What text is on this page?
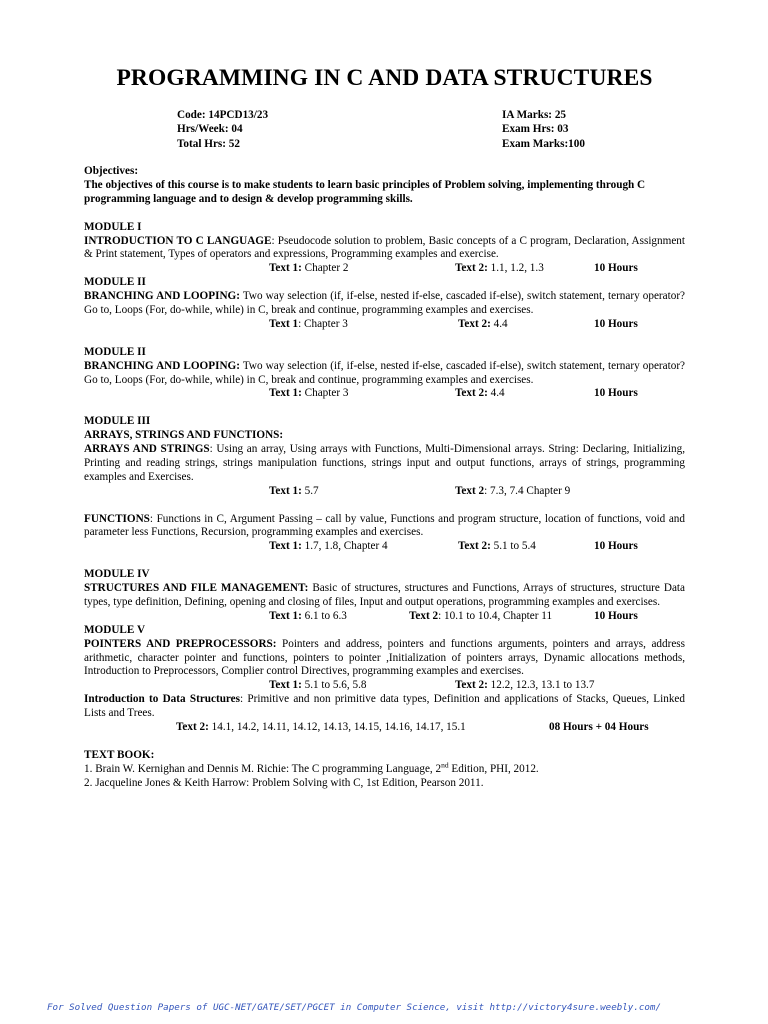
PROGRAMMING IN C AND DATA STRUCTURES
Code: 14PCD13/23
Hrs/Week: 04
Total Hrs: 52
IA Marks: 25
Exam Hrs: 03
Exam Marks:100
Objectives:
The objectives of this course is to make students to learn basic principles of Problem solving, implementing through C programming language and to design & develop programming skills.
MODULE I
INTRODUCTION TO C LANGUAGE: Pseudocode solution to problem, Basic concepts of a C program, Declaration, Assignment & Print statement, Types of operators and expressions, Programming examples and exercise.
Text 1: Chapter 2	Text 2: 1.1, 1.2, 1.3	10 Hours
MODULE II
BRANCHING AND LOOPING: Two way selection (if, if-else, nested if-else, cascaded if-else), switch statement, ternary operator? Go to, Loops (For, do-while, while) in C, break and continue, programming examples and exercises.
Text 1: Chapter 3	Text 2: 4.4	10 Hours
MODULE II
BRANCHING AND LOOPING: Two way selection (if, if-else, nested if-else, cascaded if-else), switch statement, ternary operator? Go to, Loops (For, do-while, while) in C, break and continue, programming examples and exercises.
Text 1: Chapter 3	Text 2: 4.4	10 Hours
MODULE III
ARRAYS, STRINGS AND FUNCTIONS:
ARRAYS AND STRINGS: Using an array, Using arrays with Functions, Multi-Dimensional arrays. String: Declaring, Initializing, Printing and reading strings, strings manipulation functions, strings input and output functions, arrays of strings, programming examples and Exercises.
Text 1: 5.7	Text 2: 7.3, 7.4 Chapter 9
FUNCTIONS: Functions in C, Argument Passing – call by value, Functions and program structure, location of functions, void and parameter less Functions, Recursion, programming examples and exercises.
Text 1: 1.7, 1.8, Chapter 4	Text 2: 5.1 to 5.4	10 Hours
MODULE IV
STRUCTURES AND FILE MANAGEMENT: Basic of structures, structures and Functions, Arrays of structures, structure Data types, type definition, Defining, opening and closing of files, Input and output operations, programming examples and exercises.
Text 1: 6.1 to 6.3	Text 2: 10.1 to 10.4, Chapter 11	10 Hours
MODULE V
POINTERS AND PREPROCESSORS: Pointers and address, pointers and functions arguments, pointers and arrays, address arithmetic, character pointer and functions, pointers to pointer ,Initialization of pointers arrays, Dynamic allocations methods, Introduction to Preprocessors, Complier control Directives, programming examples and exercises.
Text 1: 5.1 to 5.6, 5.8	Text 2: 12.2, 12.3, 13.1 to 13.7
Introduction to Data Structures: Primitive and non primitive data types, Definition and applications of Stacks, Queues, Linked Lists and Trees.
Text 2: 14.1, 14.2, 14.11, 14.12, 14.13, 14.15, 14.16, 14.17, 15.1	08 Hours + 04 Hours
TEXT BOOK:
1. Brain W. Kernighan and Dennis M. Richie: The C programming Language, 2nd Edition, PHI, 2012.
2. Jacqueline Jones & Keith Harrow: Problem Solving with C, 1st Edition, Pearson 2011.
For Solved Question Papers of UGC-NET/GATE/SET/PGCET in Computer Science, visit http://victory4sure.weebly.com/
